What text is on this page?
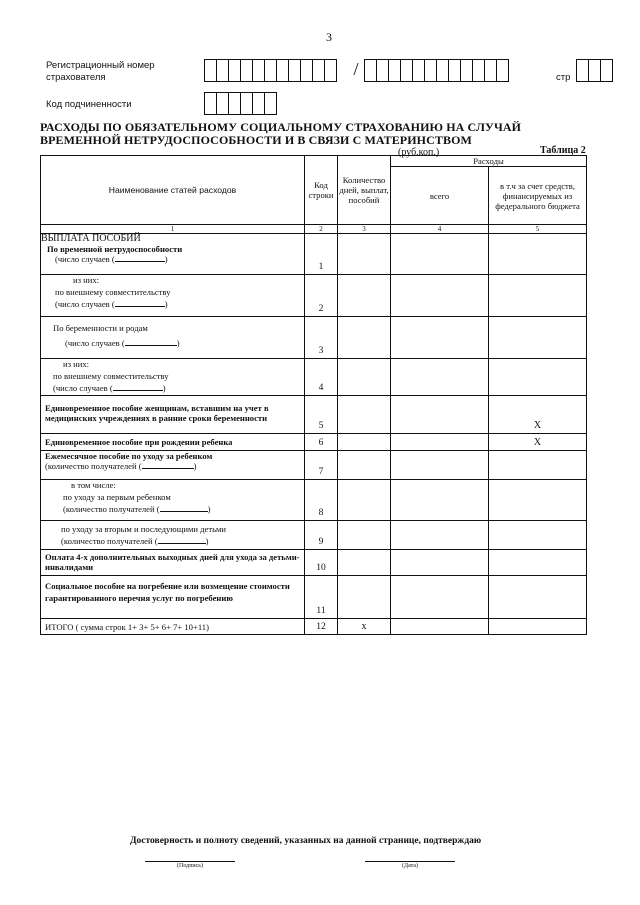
3
Регистрационный номер
страхователя	/	стр
Код подчиненности
РАСХОДЫ ПО ОБЯЗАТЕЛЬНОМУ СОЦИАЛЬНОМУ СТРАХОВАНИЮ НА СЛУЧАЙ ВРЕМЕННОЙ НЕТРУДОСПОСОБНОСТИ И В СВЯЗИ С МАТЕРИНСТВОМ
(руб.коп.)	Таблица 2
Наименование статей расходов	Код строки	Количество дней, выплат, пособий	Расходы	
			всего	в т.ч за счет средств, финансируемых из федерального бюджета
1	2	3	4	5

ВЫПЛАТА ПОСОБИЙ
По временной нетрудоспособности
(число случаев ( )	1			

из них:
по внешнему совместительству
(число случаев ( )	2			

По беременности и родам
(число случаев ( )	3			

из них:
по внешнему совместительству
(число случаев ( )	4			
Единовременное пособие женщинам, вставшим на учет в медицинских учреждениях в ранние сроки беременности	5			X
Единовременное пособие при рождении ребенка	6			X

Ежемесячное пособие по уходу за ребенком
(количество получателей ( )	7			

в том числе:
по уходу за первым ребенком
(количество получателей ( )	8			

по уходу за вторым и последующими детьми
(количество получателей ( )	9			
Оплата 4-х дополнительных выходных дней для ухода за детьми-инвалидами	10			
Социальное пособие на погребение или возмещение стоимости гарантированного перечня услуг по погребению	11			
ИТОГО ( сумма строк 1+ 3+ 5+ 6+ 7+ 10+11)	12	х		
Достоверность и полноту сведений, указанных на данной странице, подтверждаю
(Подпись)	(Дата)
